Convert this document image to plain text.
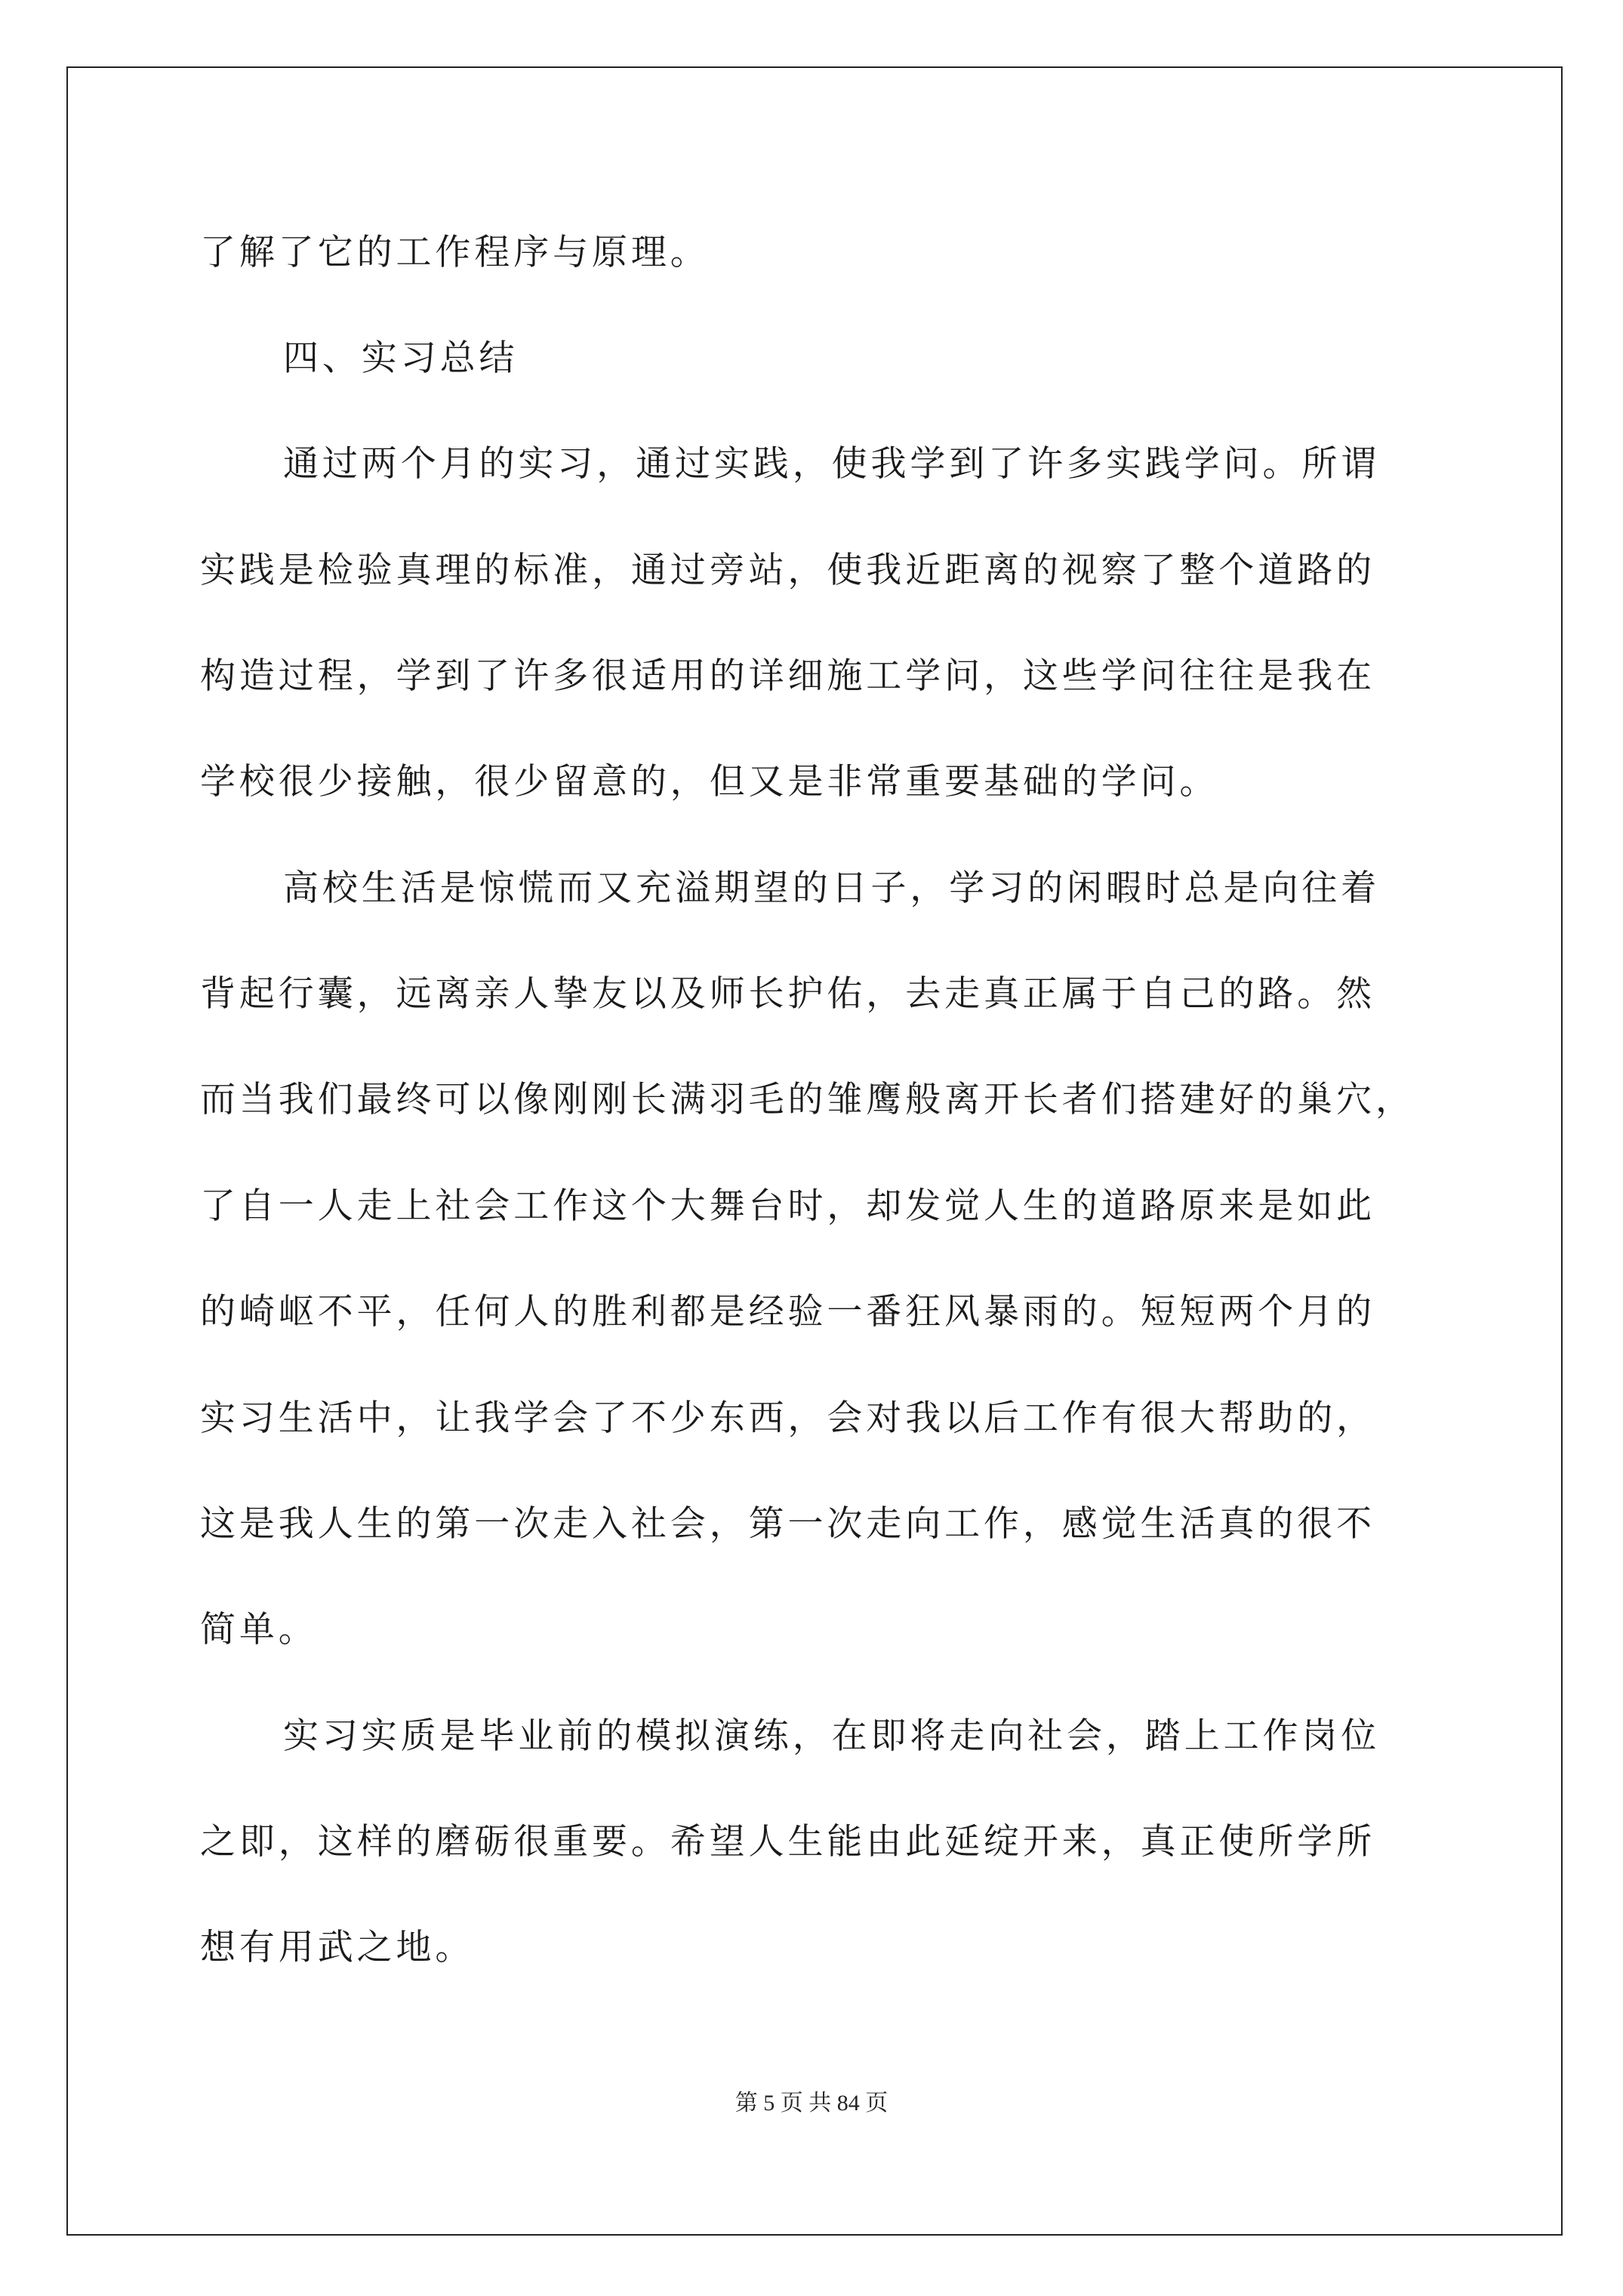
了解了它的工作程序与原理。
四、实习总结
通过两个月的实习，通过实践，使我学到了许多实践学问。所谓
实践是检验真理的标准，通过旁站，使我近距离的视察了整个道路的
构造过程，学到了许多很适用的详细施工学问，这些学问往往是我在
学校很少接触，很少留意的，但又是非常重要基础的学问。
高校生活是惊慌而又充溢期望的日子，学习的闲暇时总是向往着
背起行囊，远离亲人挚友以及师长护佑，去走真正属于自己的路。然
而当我们最终可以像刚刚长满羽毛的雏鹰般离开长者们搭建好的巢穴，
了自一人走上社会工作这个大舞台时，却发觉人生的道路原来是如此
的崎岖不平，任何人的胜利都是经验一番狂风暴雨的。短短两个月的
实习生活中，让我学会了不少东西，会对我以后工作有很大帮助的，
这是我人生的第一次走入社会，第一次走向工作，感觉生活真的很不
简单。
实习实质是毕业前的模拟演练，在即将走向社会，踏上工作岗位
之即，这样的磨砺很重要。希望人生能由此延绽开来，真正使所学所
想有用武之地。
第 5 页 共 84 页
